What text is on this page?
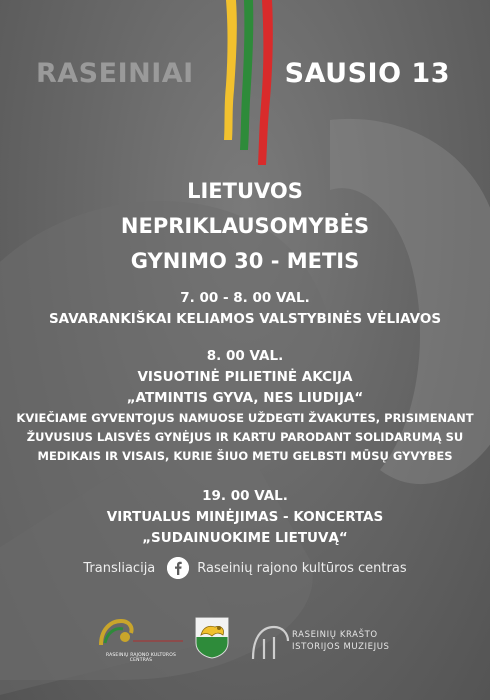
RASEINIAI	SAUSIO 13
LIETUVOS
NEPRIKLAUSOMYBĖS
GYNIMO 30 - METIS
7. 00 - 8. 00 VAL.
SAVARANKIŠKAI KELIAMOS VALSTYBINĖS VĖLIAVOS
8. 00 VAL.
VISUOTINĖ PILIETINĖ AKCIJA
„ATMINTIS GYVA, NES LIUDIJA“
KVIEČIAME GYVENTOJUS NAMUOSE UŽDEGTI ŽVAKUTES, PRISIMENANT
ŽUVUSIUS LAISVĖS GYNĖJUS IR KARTU PARODANT SOLIDARUMĄ SU
MEDIKAIS IR VISAIS, KURIE ŠIUO METU GELBSTI MŪSŲ GYVYBES
19. 00 VAL.
VIRTUALUS MINĖJIMAS - KONCERTAS
„SUDAINUOKIME LIETUVĄ“
Transliacija	Raseinių rajono kultūros centras
RASEINIŲ RAJONO KULTŪROS CENTRAS
RASEINIŲ KRAŠTO
ISTORIJOS MUZIEJUS
